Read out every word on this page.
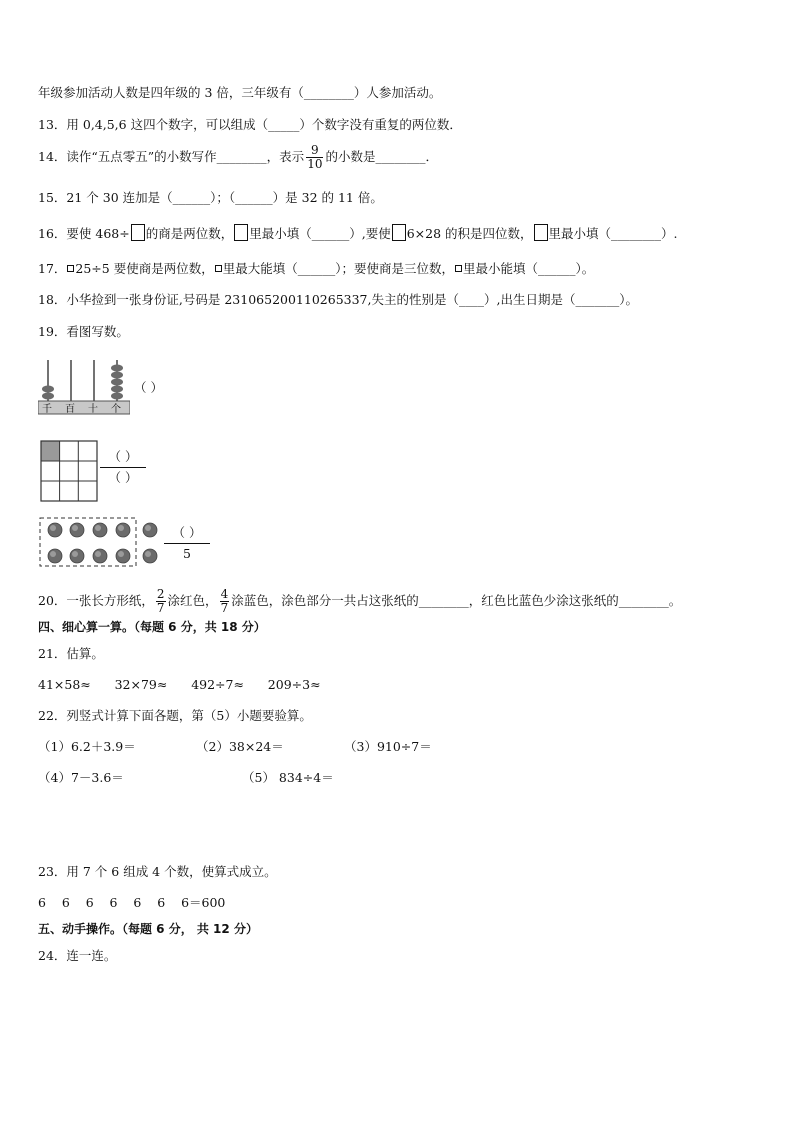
年级参加活动人数是四年级的 3 倍，三年级有（________）人参加活动。
13．用 0,4,5,6 这四个数字，可以组成（_____）个数字没有重复的两位数．
14．读作“五点零五”的小数写作________，表示 $\frac{9}{10}$ 的小数是________．
15．21 个 30 连加是（______）；（______）是 32 的 11 倍。
16．要使 468÷ 的商是两位数， 里最小填（______）,要使 6×28 的积是四位数， 里最小填（________）.
17． 25÷5 要使商是两位数， 里最大能填（______）；要使商是三位数， 里最小能填（______）。
18．小华捡到一张身份证,号码是 231065200110265337,失主的性别是（____）,出生日期是（_______）。
19．看图写数。
千 百 十 个
（ ）
（ ）
（ ）
（ ）
5
20．一张长方形纸， $\frac{2}{7}$ 涂红色， $\frac{4}{7}$ 涂蓝色，涂色部分一共占这张纸的________，红色比蓝色少涂这张纸的________。
四、细心算一算。（每题 6 分，共 18 分）
21．估算。
41×58≈      32×79≈      492÷7≈      209÷3≈
22．列竖式计算下面各题，第（5）小题要验算。
（1）6.2＋3.9＝	（2）38×24＝	（3）910÷7＝
（4）7－3.6＝	（5） 834÷4＝
23．用 7 个 6 组成 4 个数，使算式成立。
6    6    6    6    6    6    6＝600
五、动手操作。（每题 6 分， 共 12 分）
24．连一连。
